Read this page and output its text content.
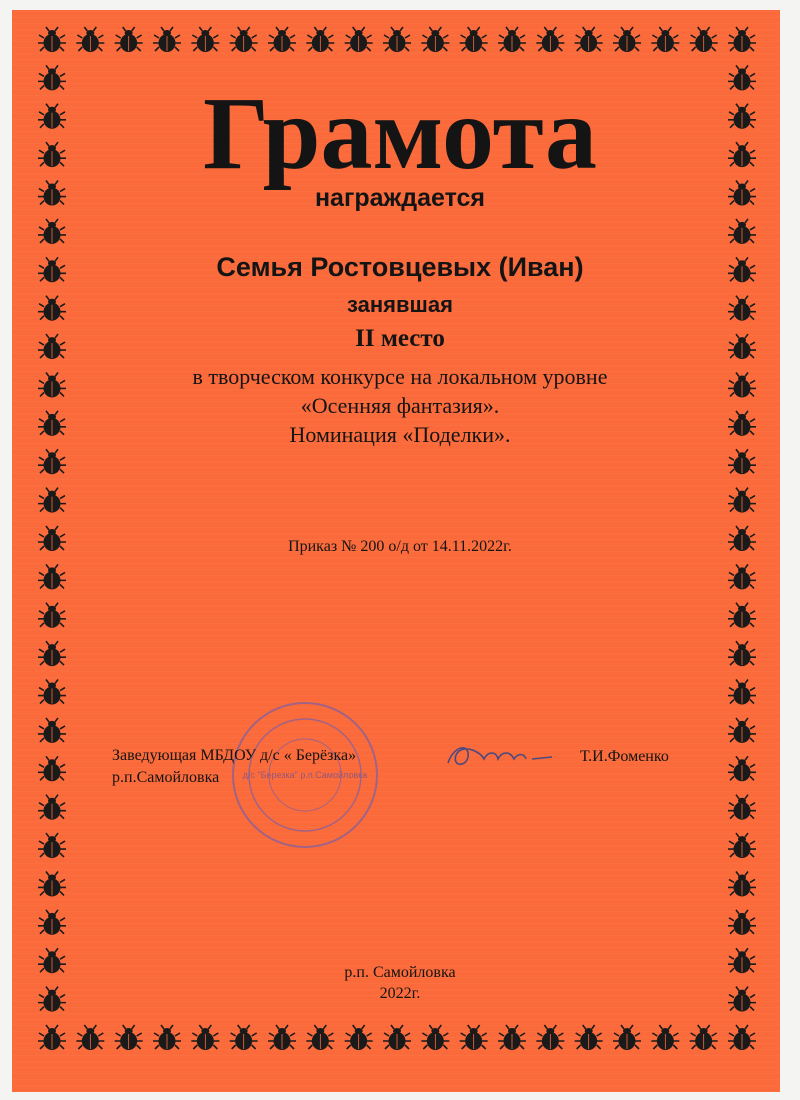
Грамота
награждается
Семья Ростовцевых (Иван)
занявшая
II место
в творческом конкурсе на локальном уровне
«Осенняя фантазия».
Номинация «Поделки».
Приказ № 200 о/д от 14.11.2022г.
д/с "Березка" р.п.Самойловка
Заведующая МБДОУ д/с « Берёзка»
р.п.Самойловка
Т.И.Фоменко
р.п. Самойловка
2022г.
